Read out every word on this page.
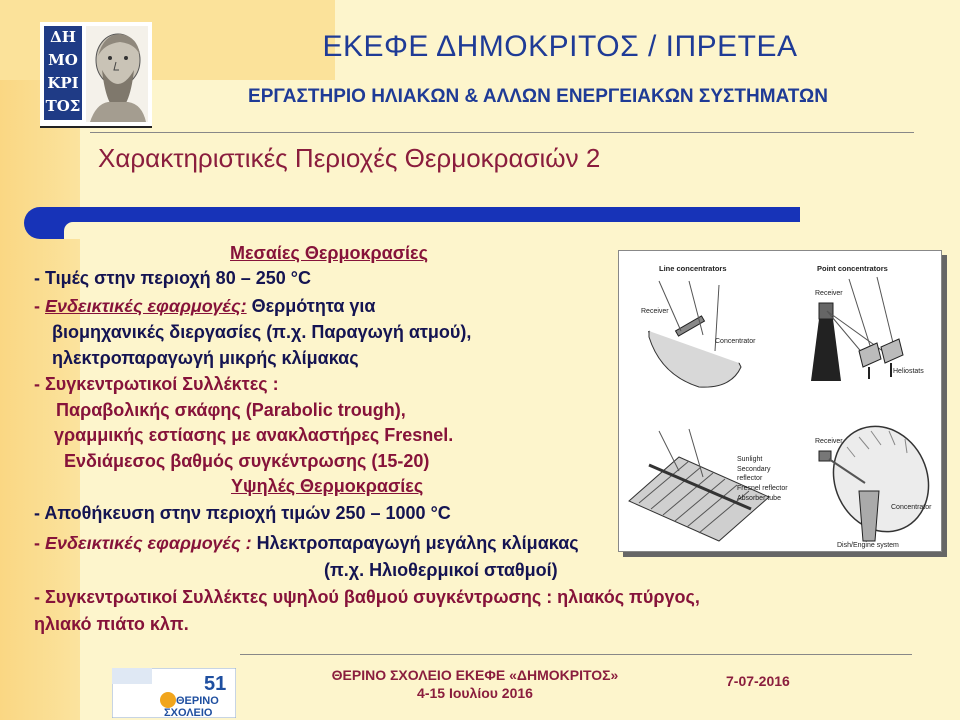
ΔΗ
ΜΟ
ΚΡΙ
ΤΟΣ
ΕΚΕΦΕ ΔΗΜΟΚΡΙΤΟΣ / ΙΠΡΕΤΕΑ
ΕΡΓΑΣΤΗΡΙΟ ΗΛΙΑΚΩΝ & ΑΛΛΩΝ ΕΝΕΡΓΕΙΑΚΩΝ ΣΥΣΤΗΜΑΤΩΝ
Χαρακτηριστικές Περιοχές Θερμοκρασιών 2
Μεσαίες Θερμοκρασίες
- Τιμές στην περιοχή 80 – 250 °C
- Ενδεικτικές εφαρμογές: Θερμότητα για
βιομηχανικές διεργασίες (π.χ. Παραγωγή ατμού),
ηλεκτροπαραγωγή μικρής κλίμακας
- Συγκεντρωτικοί Συλλέκτες :
Παραβολικής σκάφης (Parabolic trough),
γραμμικής εστίασης με ανακλαστήρες Fresnel.
Ενδιάμεσος βαθμός συγκέντρωσης (15-20)
Υψηλές Θερμοκρασίες
- Αποθήκευση στην περιοχή τιμών 250 – 1000 °C
- Ενδεικτικές εφαρμογές : Ηλεκτροπαραγωγή μεγάλης κλίμακας
(π.χ. Ηλιοθερμικοί σταθμοί)
- Συγκεντρωτικοί Συλλέκτες υψηλού βαθμού συγκέντρωσης : ηλιακός πύργος,
ηλιακό πιάτο κλπ.
Line concentrators
Receiver
Concentrator
Point concentrators
Receiver
Heliostats
Sunlight
Secondary
reflector
Fresnel reflector
Absorber tube
Receiver
Concentrator
Dish/Engine system
51
ΘΕΡΙΝΟ
ΣΧΟΛΕΙΟ
ΘΕΡΙΝΟ ΣΧΟΛΕΙΟ ΕΚΕΦΕ «ΔΗΜΟΚΡΙΤΟΣ»
4-15 Ιουλίου 2016
7-07-2016
